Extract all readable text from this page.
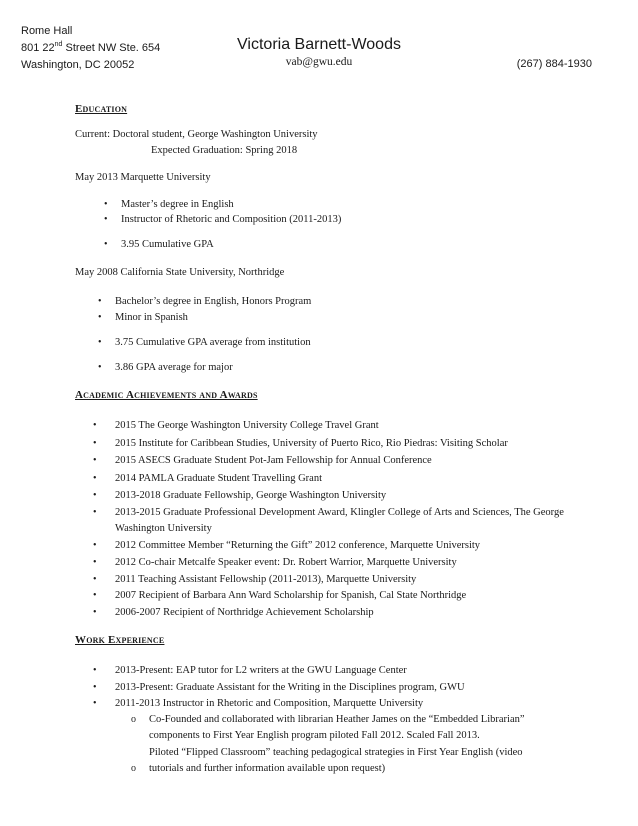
Rome Hall
801 22nd Street NW Ste. 654
Washington, DC 20052
Victoria Barnett-Woods
vab@gwu.edu	(267) 884-1930
Education
Current: Doctoral student, George Washington University
Expected Graduation: Spring 2018
May 2013 Marquette University
• Master’s degree in English
• Instructor of Rhetoric and Composition (2011-2013)
• 3.95 Cumulative GPA
May 2008 California State University, Northridge
• Bachelor’s degree in English, Honors Program
• Minor in Spanish
• 3.75 Cumulative GPA average from institution
• 3.86 GPA average for major
Academic Achievements and Awards
• 2015 The George Washington University College Travel Grant
• 2015 Institute for Caribbean Studies, University of Puerto Rico, Rio Piedras: Visiting Scholar
• 2015 ASECS Graduate Student Pot-Jam Fellowship for Annual Conference
• 2014 PAMLA Graduate Student Travelling Grant
• 2013-2018 Graduate Fellowship, George Washington University
• 2013-2015 Graduate Professional Development Award, Klingler College of Arts and Sciences, The George Washington University
• 2012 Committee Member “Returning the Gift” 2012 conference, Marquette University
• 2012 Co-chair Metcalfe Speaker event: Dr. Robert Warrior, Marquette University
• 2011 Teaching Assistant Fellowship (2011-2013), Marquette University
• 2007 Recipient of Barbara Ann Ward Scholarship for Spanish, Cal State Northridge
• 2006-2007 Recipient of Northridge Achievement Scholarship
Work Experience
• 2013-Present: EAP tutor for L2 writers at the GWU Language Center
• 2013-Present: Graduate Assistant for the Writing in the Disciplines program, GWU
• 2011-2013 Instructor in Rhetoric and Composition, Marquette University
o Co-Founded and collaborated with librarian Heather James on the “Embedded Librarian” components to First Year English program piloted Fall 2012. Scaled Fall 2013.
o
Piloted “Flipped Classroom” teaching pedagogical strategies in First Year English (video tutorials and further information available upon request)
